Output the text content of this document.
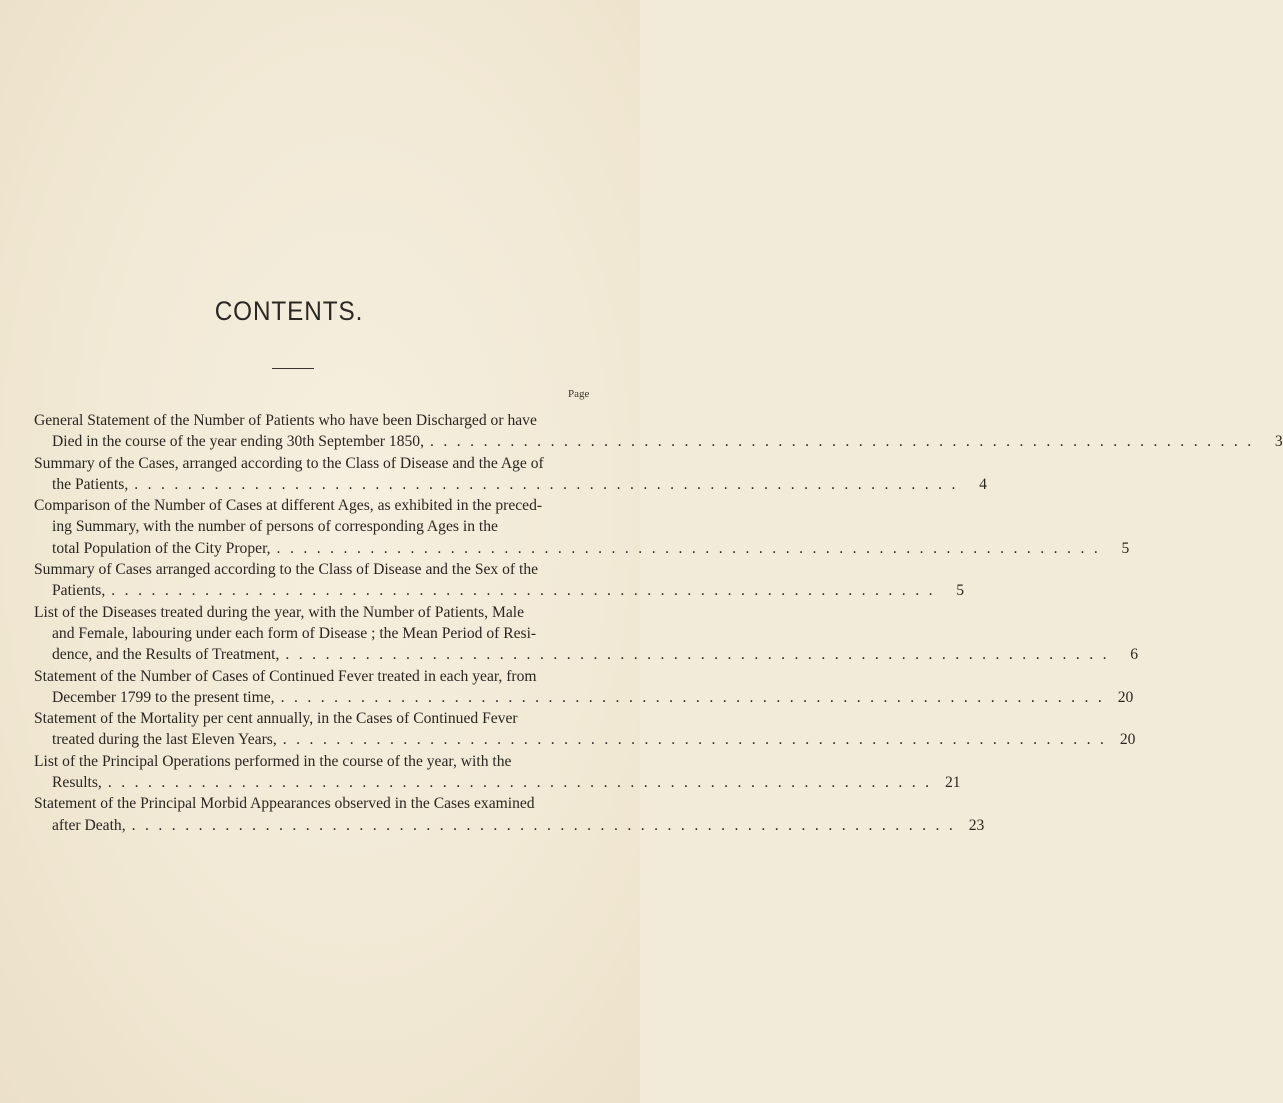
CONTENTS.
Page
General Statement of the Number of Patients who have been Discharged or have
Died in the course of the year ending 30th September 1850, .............................................................. 3
Summary of the Cases, arranged according to the Class of Disease and the Age of
the Patients, .............................................................. 4
Comparison of the Number of Cases at different Ages, as exhibited in the preced-
ing Summary, with the number of persons of corresponding Ages in the
total Population of the City Proper, .............................................................. 5
Summary of Cases arranged according to the Class of Disease and the Sex of the
Patients, .............................................................. 5
List of the Diseases treated during the year, with the Number of Patients, Male
and Female, labouring under each form of Disease ; the Mean Period of Resi-
dence, and the Results of Treatment, .............................................................. 6
Statement of the Number of Cases of Continued Fever treated in each year, from
December 1799 to the present time, .............................................................. 20
Statement of the Mortality per cent annually, in the Cases of Continued Fever
treated during the last Eleven Years, .............................................................. 20
List of the Principal Operations performed in the course of the year, with the
Results, .............................................................. 21
Statement of the Principal Morbid Appearances observed in the Cases examined
after Death, .............................................................. 23
